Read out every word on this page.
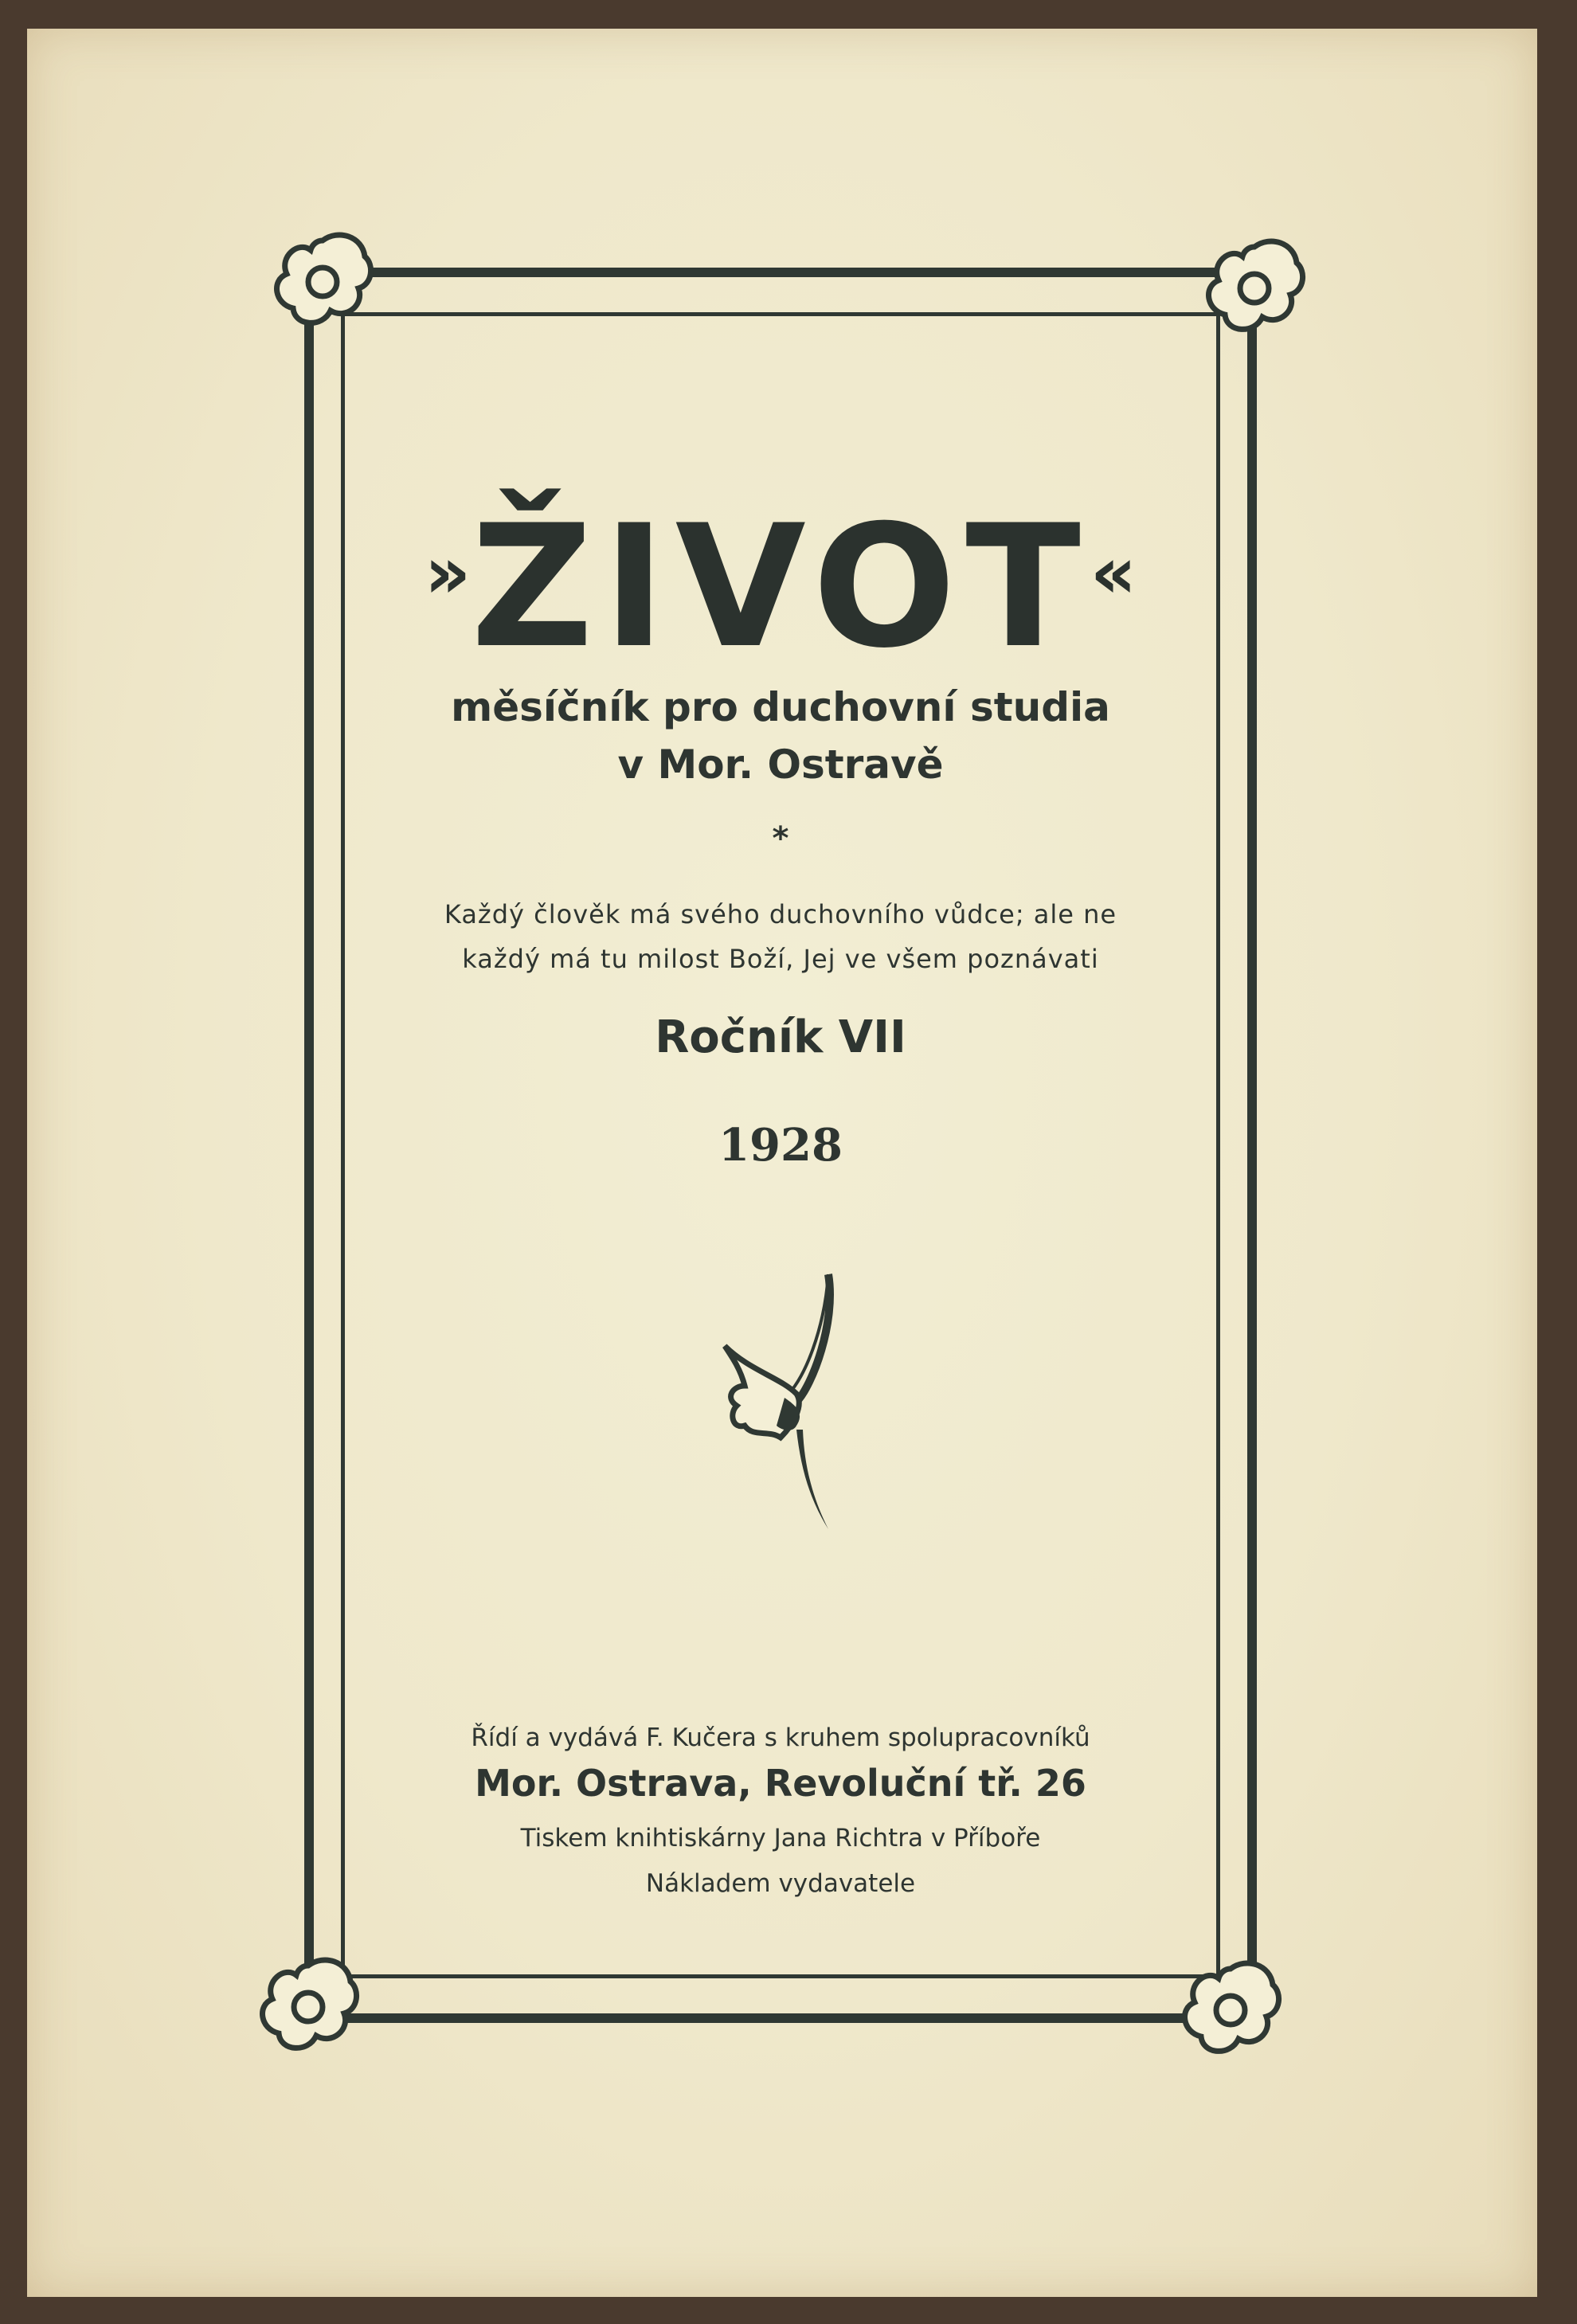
»ŽIVOT«
měsíčník pro duchovní studia
v Mor. Ostravě
*
Každý člověk má svého duchovního vůdce; ale ne
každý má tu milost Boží, Jej ve všem poznávati
Ročník VII
1928
Řídí a vydává F. Kučera s kruhem spolupracovníků
Mor. Ostrava, Revoluční tř. 26
Tiskem knihtiskárny Jana Richtra v Příboře
Nákladem vydavatele
